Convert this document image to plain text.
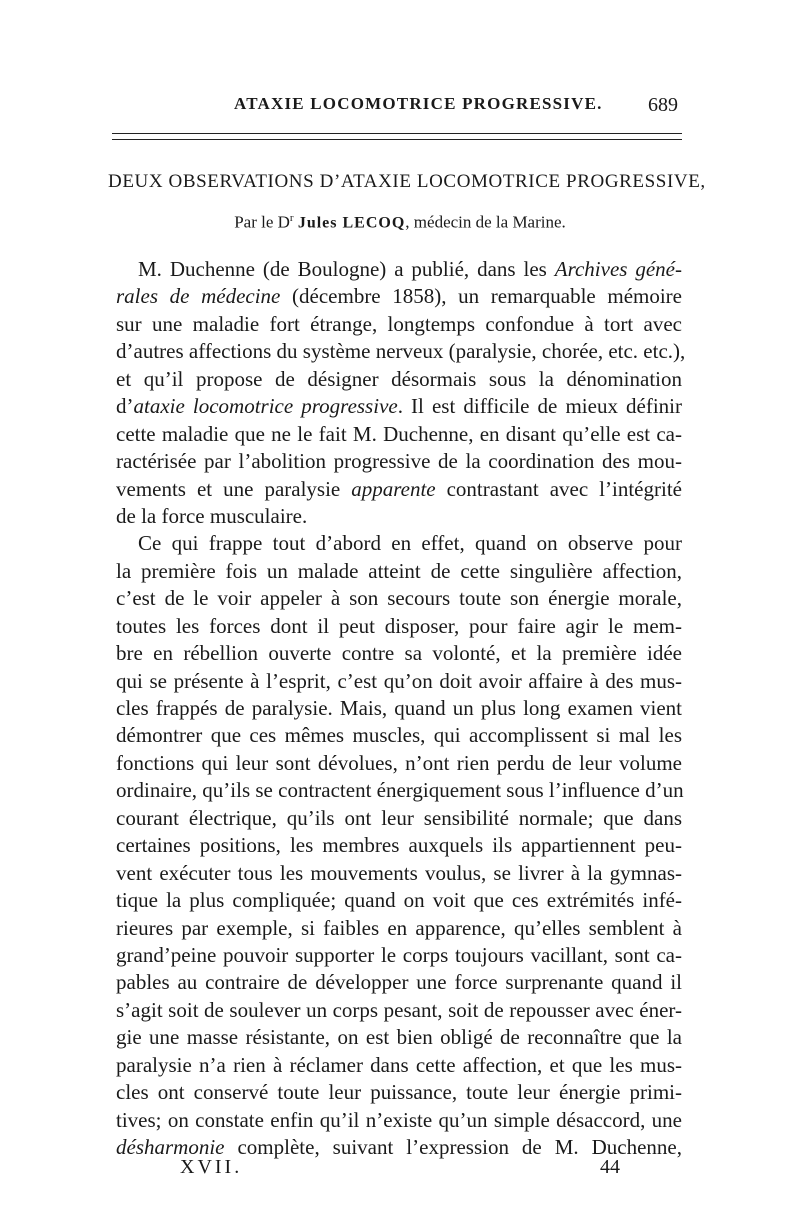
ATAXIE LOCOMOTRICE PROGRESSIVE. 689
DEUX OBSERVATIONS D’ATAXIE LOCOMOTRICE PROGRESSIVE,
Par le $D^r$ Jules LECOQ, médecin de la Marine.
M. Duchenne (de Boulogne) a publié, dans les Archives géné-
rales de médecine (décembre 1858), un remarquable mémoire
sur une maladie fort étrange, longtemps confondue à tort avec
d’autres affections du système nerveux (paralysie, chorée, etc. etc.),
et qu’il propose de désigner désormais sous la dénomination
d’ataxie locomotrice progressive. Il est difficile de mieux définir
cette maladie que ne le fait M. Duchenne, en disant qu’elle est ca-
ractérisée par l’abolition progressive de la coordination des mou-
vements et une paralysie apparente contrastant avec l’intégrité
de la force musculaire.
Ce qui frappe tout d’abord en effet, quand on observe pour
la première fois un malade atteint de cette singulière affection,
c’est de le voir appeler à son secours toute son énergie morale,
toutes les forces dont il peut disposer, pour faire agir le mem-
bre en rébellion ouverte contre sa volonté, et la première idée
qui se présente à l’esprit, c’est qu’on doit avoir affaire à des mus-
cles frappés de paralysie. Mais, quand un plus long examen vient
démontrer que ces mêmes muscles, qui accomplissent si mal les
fonctions qui leur sont dévolues, n’ont rien perdu de leur volume
ordinaire, qu’ils se contractent énergiquement sous l’influence d’un
courant électrique, qu’ils ont leur sensibilité normale; que dans
certaines positions, les membres auxquels ils appartiennent peu-
vent exécuter tous les mouvements voulus, se livrer à la gymnas-
tique la plus compliquée; quand on voit que ces extrémités infé-
rieures par exemple, si faibles en apparence, qu’elles semblent à
grand’peine pouvoir supporter le corps toujours vacillant, sont ca-
pables au contraire de développer une force surprenante quand il
s’agit soit de soulever un corps pesant, soit de repousser avec éner-
gie une masse résistante, on est bien obligé de reconnaître que la
paralysie n’a rien à réclamer dans cette affection, et que les mus-
cles ont conservé toute leur puissance, toute leur énergie primi-
tives; on constate enfin qu’il n’existe qu’un simple désaccord, une
désharmonie complète, suivant l’expression de M. Duchenne,
XVII.	44
